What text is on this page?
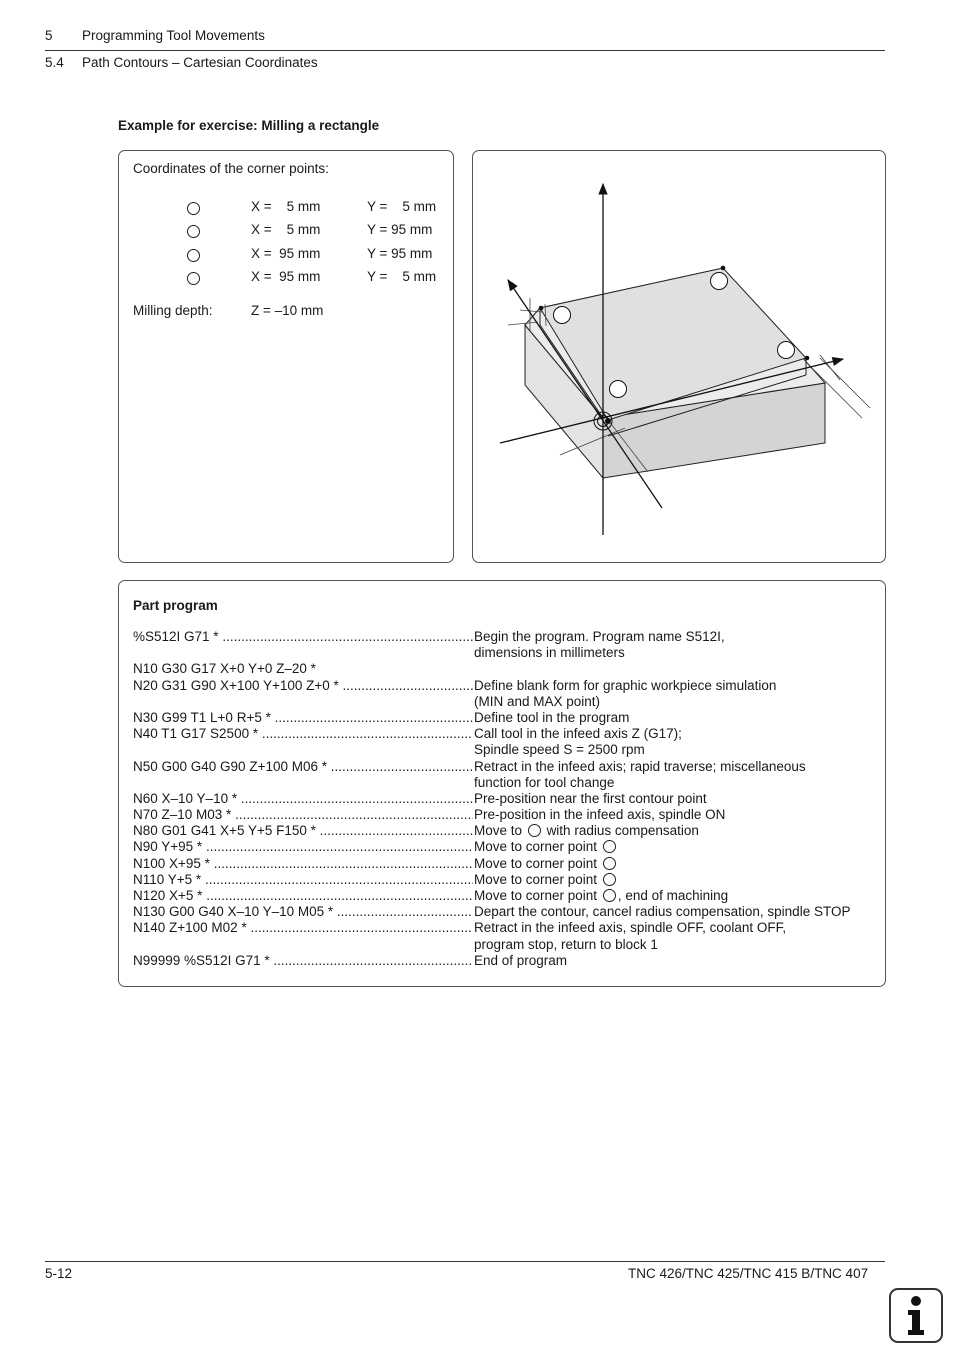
5 Programming Tool Movements
5.4 Path Contours – Cartesian Coordinates
Example for exercise: Milling a rectangle
Coordinates of the corner points:
X =    5 mm	Y =    5 mm
X =    5 mm	Y = 95 mm
X =  95 mm	Y = 95 mm
X =  95 mm	Y =    5 mm
Milling depth:	Z = –10 mm
Part program
%S512I G71 * .....	Begin the program. Program name S512I,
dimensions in millimeters
N10 G30 G17 X+0 Y+0 Z–20 *
N20 G31 G90 X+100 Y+100 Z+0 * .....	Define blank form for graphic workpiece simulation
(MIN and MAX point)
N30 G99 T1 L+0 R+5 * .....	Define tool in the program
N40 T1 G17 S2500 * .....	Call tool in the infeed axis Z (G17);
Spindle speed S = 2500 rpm
N50 G00 G40 G90 Z+100 M06 * .....	Retract in the infeed axis; rapid traverse; miscellaneous
function for tool change
N60 X–10 Y–10 * .....	Pre-position near the first contour point
N70 Z–10 M03 * .....	Pre-position in the infeed axis, spindle ON
N80 G01 G41 X+5 Y+5 F150 * .....	Move to with radius compensation
N90 Y+95 * .....	Move to corner point
N100 X+95 * .....	Move to corner point
N110 Y+5 * .....	Move to corner point
N120 X+5 * .....	Move to corner point , end of machining
N130 G00 G40 X–10 Y–10 M05 * .....	Depart the contour, cancel radius compensation, spindle STOP
N140 Z+100 M02 * .....	Retract in the infeed axis, spindle OFF, coolant OFF,
program stop, return to block 1
N99999 %S512I G71 * .....	End of program
5-12	TNC 426/TNC 425/TNC 415 B/TNC 407
